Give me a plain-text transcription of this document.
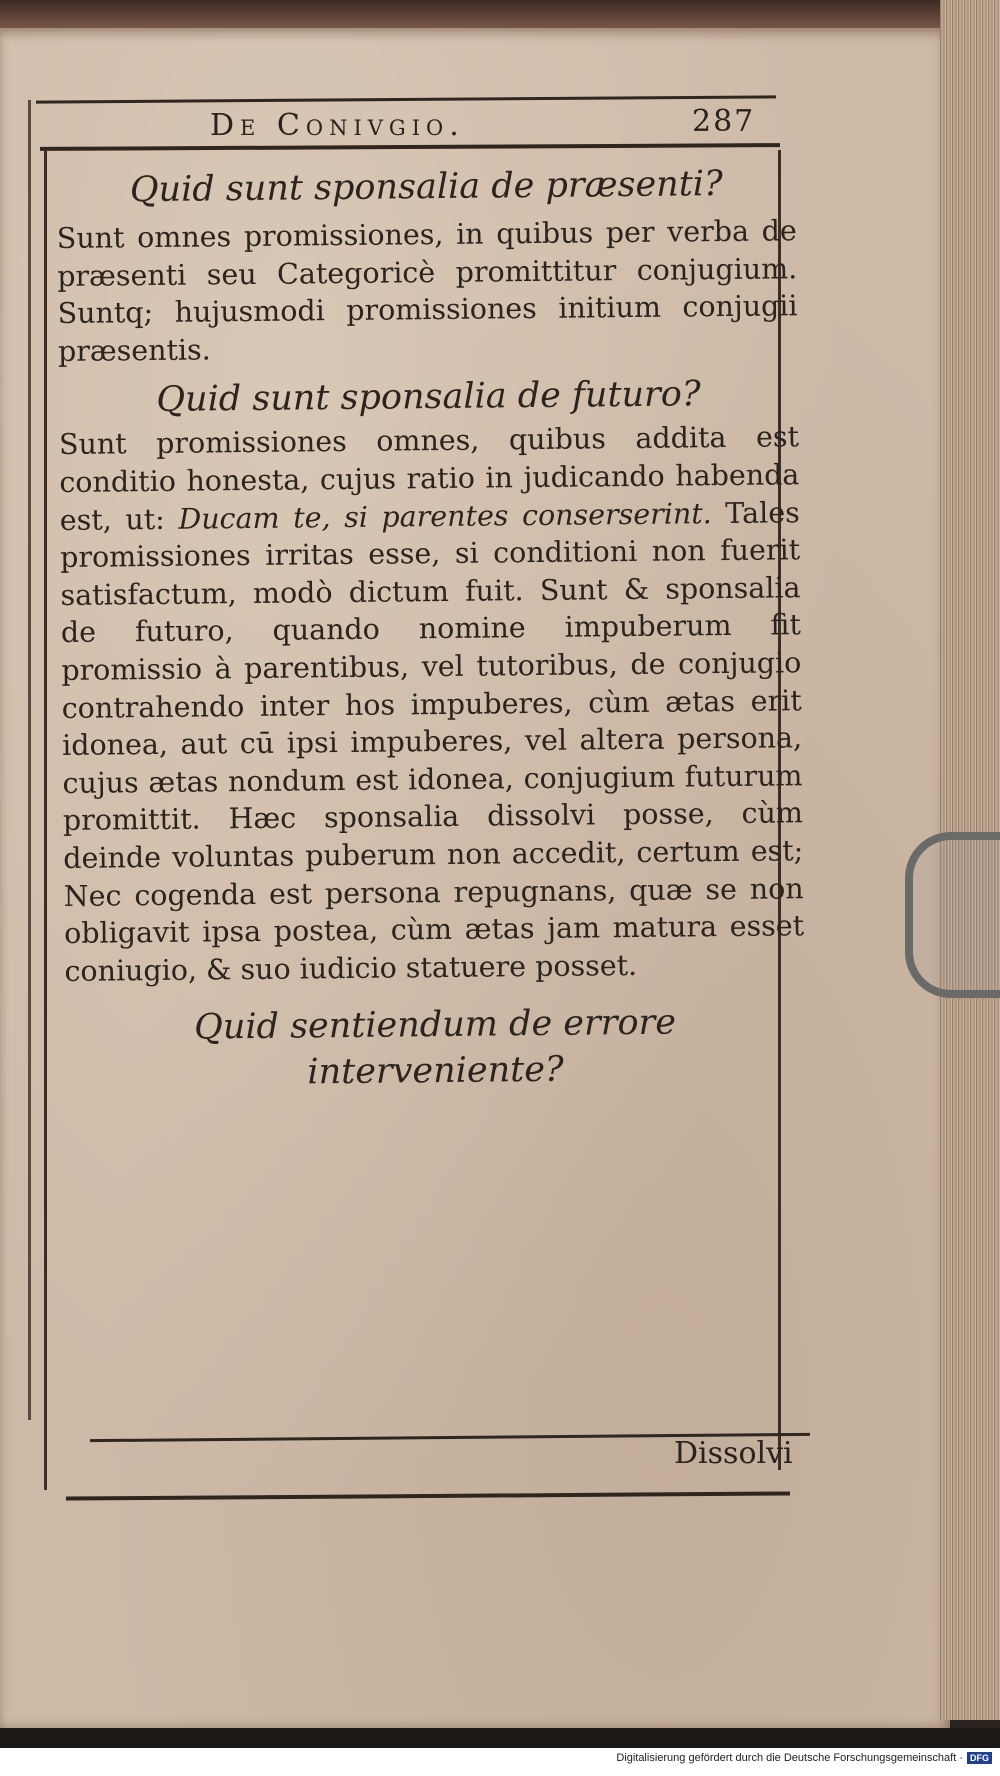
De Conivgio.	287

Quid sunt sponsalia de præsenti?

Sunt omnes promissiones, in quibus per verba de præsenti seu Categoricè promittitur conjugium. Suntq; hujusmodi promissiones initium conjugii præsentis.

Quid sunt sponsalia de futuro?

Sunt promissiones omnes, quibus addita est conditio honesta, cujus ratio in judicando habenda est, ut: Ducam te, si parentes conserserint. Tales promissiones irritas esse, si conditioni non fuerit satisfactum, modò dictum fuit. Sunt & sponsalia de futuro, quando nomine impuberum fit promissio à parentibus, vel tutoribus, de conjugio contrahendo inter hos impuberes, cùm ætas erit idonea, aut cū ipsi impuberes, vel altera persona, cujus ætas nondum est idonea, conjugium futurum promittit. Hæc sponsalia dissolvi posse, cùm deinde voluntas puberum non accedit, certum est; Nec cogenda est persona repugnans, quæ se non obligavit ipsa postea, cùm ætas jam matura esset coniugio, & suo iudicio statuere posset.

Quid sentiendum de errore interveniente?

Dissolvi
Digitalisierung gefördert durch die Deutsche Forschungsgemeinschaft · DFG
